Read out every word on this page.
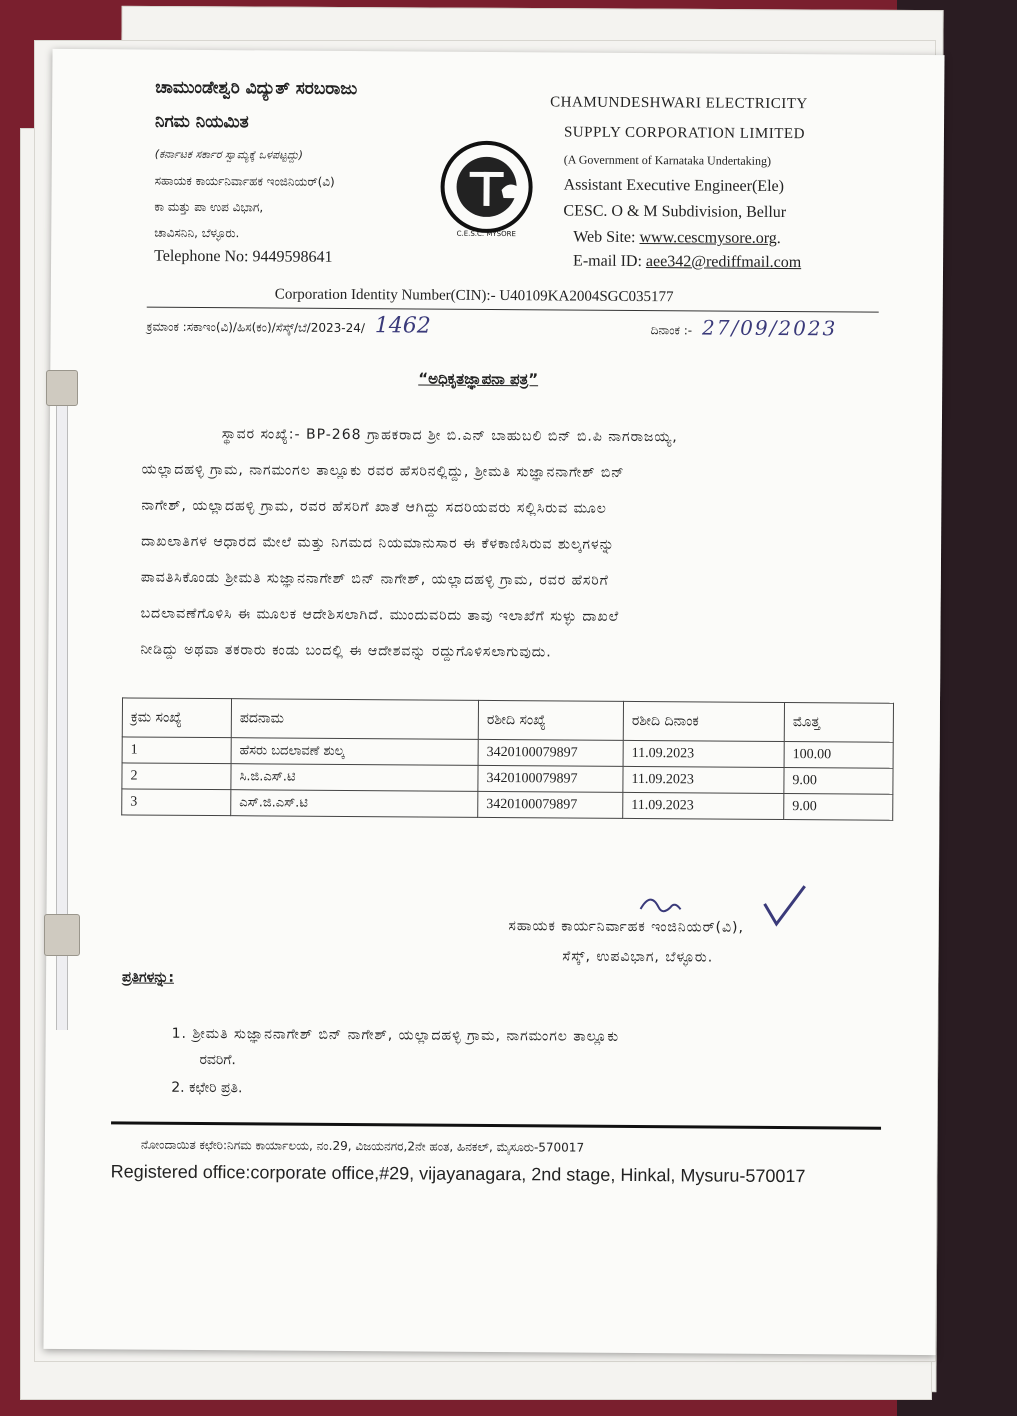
ಚಾಮುಂಡೇಶ್ವರಿ ವಿದ್ಯುತ್ ಸರಬರಾಜು
ನಿಗಮ ನಿಯಮಿತ
(ಕರ್ನಾಟಕ ಸರ್ಕಾರ ಸ್ವಾಮ್ಯಕ್ಕೆ ಒಳಪಟ್ಟದ್ದು)
ಸಹಾಯಕ ಕಾರ್ಯನಿರ್ವಾಹಕ ಇಂಜಿನಿಯರ್(ವಿ)
ಕಾ ಮತ್ತು ಪಾ ಉಪ ವಿಭಾಗ,
ಚಾವಿಸನಿನಿ, ಬೆಳ್ಳೂರು.
Telephone No: 9449598641
C.E.S.C. MYSORE
CHAMUNDESHWARI ELECTRICITY
SUPPLY CORPORATION LIMITED
(A Government of Karnataka Undertaking)
Assistant Executive Engineer(Ele)
CESC. O & M Subdivision, Bellur
Web Site: www.cescmysore.org.
E-mail ID: aee342@rediffmail.com
Corporation Identity Number(CIN):- U40109KA2004SGC035177
ಕ್ರಮಾಂಕ :ಸಕಾಇಂ(ವಿ)/ಹಿಸ(ಕಂ)/ಸೆಸ್ಕ್/ಬೆ/2023-24/ 1462	ದಿನಾಂಕ :- 27/09/2023
“ಅಧಿಕೃತಜ್ಞಾಪನಾ ಪತ್ರ”
ಸ್ಥಾವರ ಸಂಖ್ಯೆ:- BP-268 ಗ್ರಾಹಕರಾದ ಶ್ರೀ ಬಿ.ಎನ್ ಬಾಹುಬಲಿ ಬಿನ್ ಬಿ.ಪಿ ನಾಗರಾಜಯ್ಯ,
ಯಲ್ಲಾದಹಳ್ಳಿ ಗ್ರಾಮ, ನಾಗಮಂಗಲ ತಾಲ್ಲೂಕು ರವರ ಹೆಸರಿನಲ್ಲಿದ್ದು, ಶ್ರೀಮತಿ ಸುಜ್ಞಾನನಾಗೇಶ್ ಬಿನ್
ನಾಗೇಶ್, ಯಲ್ಲಾದಹಳ್ಳಿ ಗ್ರಾಮ, ರವರ ಹೆಸರಿಗೆ ಖಾತೆ ಆಗಿದ್ದು ಸದರಿಯವರು ಸಲ್ಲಿಸಿರುವ ಮೂಲ
ದಾಖಲಾತಿಗಳ ಆಧಾರದ ಮೇಲೆ ಮತ್ತು ನಿಗಮದ ನಿಯಮಾನುಸಾರ ಈ ಕೆಳಕಾಣಿಸಿರುವ ಶುಲ್ಕಗಳನ್ನು
ಪಾವತಿಸಿಕೊಂಡು ಶ್ರೀಮತಿ ಸುಜ್ಞಾನನಾಗೇಶ್ ಬಿನ್ ನಾಗೇಶ್, ಯಲ್ಲಾದಹಳ್ಳಿ ಗ್ರಾಮ, ರವರ ಹೆಸರಿಗೆ
ಬದಲಾವಣೆಗೊಳಿಸಿ ಈ ಮೂಲಕ ಆದೇಶಿಸಲಾಗಿದೆ. ಮುಂದುವರಿದು ತಾವು ಇಲಾಖೆಗೆ ಸುಳ್ಳು ದಾಖಲೆ
ನೀಡಿದ್ದು ಅಥವಾ ತಕರಾರು ಕಂಡು ಬಂದಲ್ಲಿ ಈ ಆದೇಶವನ್ನು ರದ್ದುಗೊಳಿಸಲಾಗುವುದು.
ಕ್ರಮ ಸಂಖ್ಯೆ	ಪದನಾಮ	ರಶೀದಿ ಸಂಖ್ಯೆ	ರಶೀದಿ ದಿನಾಂಕ	ಮೊತ್ತ
1	ಹೆಸರು ಬದಲಾವಣೆ ಶುಲ್ಕ	3420100079897	11.09.2023	100.00
2	ಸಿ.ಜಿ.ಎಸ್.ಟಿ	3420100079897	11.09.2023	9.00
3	ಎಸ್.ಜಿ.ಎಸ್.ಟಿ	3420100079897	11.09.2023	9.00
ಸಹಾಯಕ ಕಾರ್ಯನಿರ್ವಾಹಕ ಇಂಜಿನಿಯರ್(ವಿ),
ಸೆಸ್ಕ್, ಉಪವಿಭಾಗ, ಬೆಳ್ಳೂರು.
ಪ್ರತಿಗಳನ್ನು:
1. ಶ್ರೀಮತಿ ಸುಜ್ಞಾನನಾಗೇಶ್ ಬಿನ್ ನಾಗೇಶ್, ಯಲ್ಲಾದಹಳ್ಳಿ ಗ್ರಾಮ, ನಾಗಮಂಗಲ ತಾಲ್ಲೂಕು
ರವರಿಗೆ.
2. ಕಛೇರಿ ಪ್ರತಿ.
ನೋಂದಾಯಿತ ಕಛೇರಿ:ನಿಗಮ ಕಾರ್ಯಾಲಯ, ನಂ.29, ವಿಜಯನಗರ,2ನೇ ಹಂತ, ಹಿನಕಲ್, ಮೈಸೂರು-570017
Registered office:corporate office,#29, vijayanagara, 2nd stage, Hinkal, Mysuru-570017
